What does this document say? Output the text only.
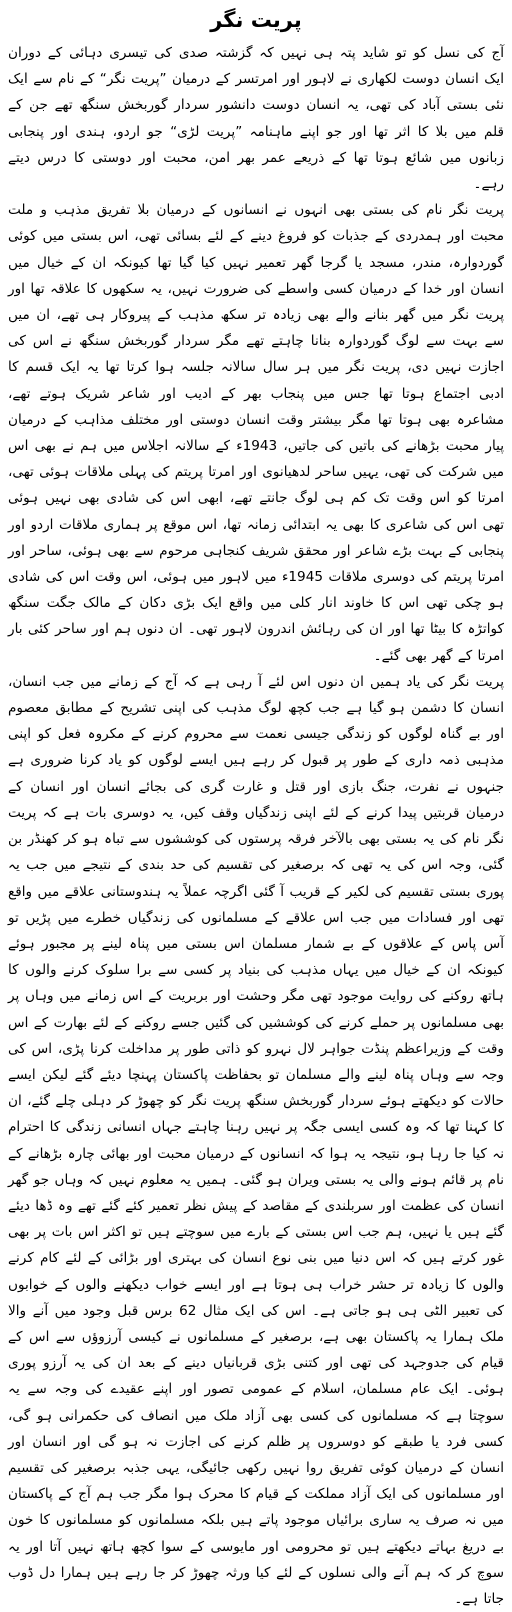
پریت نگر

آج کی نسل کو تو شاید پتہ ہی نہیں کہ گزشتہ صدی کی تیسری دہائی کے دوران ایک انسان دوست لکھاری نے لاہور اور امرتسر کے درمیان ”پریت نگر“ کے نام سے ایک نئی بستی آباد کی تھی، یہ انسان دوست دانشور سردار گوربخش سنگھ تھے جن کے قلم میں بلا کا اثر تھا اور جو اپنے ماہنامہ ”پریت لڑی“ جو اردو، ہندی اور پنجابی زبانوں میں شائع ہوتا تھا کے ذریعے عمر بھر امن، محبت اور دوستی کا درس دیتے رہے۔

پریت نگر نام کی بستی بھی انہوں نے انسانوں کے درمیان بلا تفریق مذہب و ملت محبت اور ہمدردی کے جذبات کو فروغ دینے کے لئے بسائی تھی، اس بستی میں کوئی گوردوارہ، مندر، مسجد یا گرجا گھر تعمیر نہیں کیا گیا تھا کیونکہ ان کے خیال میں انسان اور خدا کے درمیان کسی واسطے کی ضرورت نہیں، یہ سکھوں کا علاقہ تھا اور پریت نگر میں گھر بنانے والے بھی زیادہ تر سکھ مذہب کے پیروکار ہی تھے، ان میں سے بہت سے لوگ گوردوارہ بنانا چاہتے تھے مگر سردار گوربخش سنگھ نے اس کی اجازت نہیں دی، پریت نگر میں ہر سال سالانہ جلسہ ہوا کرتا تھا یہ ایک قسم کا ادبی اجتماع ہوتا تھا جس میں پنجاب بھر کے ادیب اور شاعر شریک ہوتے تھے، مشاعرہ بھی ہوتا تھا مگر بیشتر وقت انسان دوستی اور مختلف مذاہب کے درمیان پیار محبت بڑھانے کی باتیں کی جاتیں، 1943ء کے سالانہ اجلاس میں ہم نے بھی اس میں شرکت کی تھی، یہیں ساحر لدھیانوی اور امرتا پریتم کی پہلی ملاقات ہوئی تھی، امرتا کو اس وقت تک کم ہی لوگ جانتے تھے، ابھی اس کی شادی بھی نہیں ہوئی تھی اس کی شاعری کا بھی یہ ابتدائی زمانہ تھا، اس موقع پر ہماری ملاقات اردو اور پنجابی کے بہت بڑے شاعر اور محقق شریف کنجاہی مرحوم سے بھی ہوئی، ساحر اور امرتا پریتم کی دوسری ملاقات 1945ء میں لاہور میں ہوئی، اس وقت اس کی شادی ہو چکی تھی اس کا خاوند انار کلی میں واقع ایک بڑی دکان کے مالک جگت سنگھ کواتڑہ کا بیٹا تھا اور ان کی رہائش اندرون لاہور تھی۔ ان دنوں ہم اور ساحر کئی بار امرتا کے گھر بھی گئے۔

پریت نگر کی یاد ہمیں ان دنوں اس لئے آ رہی ہے کہ آج کے زمانے میں جب انسان، انسان کا دشمن ہو گیا ہے جب کچھ لوگ مذہب کی اپنی تشریح کے مطابق معصوم اور بے گناہ لوگوں کو زندگی جیسی نعمت سے محروم کرنے کے مکروہ فعل کو اپنی مذہبی ذمہ داری کے طور پر قبول کر رہے ہیں ایسے لوگوں کو یاد کرنا ضروری ہے جنہوں نے نفرت، جنگ بازی اور قتل و غارت گری کی بجائے انسان اور انسان کے درمیان قربتیں پیدا کرنے کے لئے اپنی زندگیاں وقف کیں، یہ دوسری بات ہے کہ پریت نگر نام کی یہ بستی بھی بالآخر فرقہ پرستوں کی کوششوں سے تباہ ہو کر کھنڈر بن گئی، وجہ اس کی یہ تھی کہ برصغیر کی تقسیم کی حد بندی کے نتیجے میں جب یہ پوری بستی تقسیم کی لکیر کے قریب آ گئی اگرچہ عملاً یہ ہندوستانی علاقے میں واقع تھی اور فسادات میں جب اس علاقے کے مسلمانوں کی زندگیاں خطرے میں پڑیں تو آس پاس کے علاقوں کے بے شمار مسلمان اس بستی میں پناہ لینے پر مجبور ہوئے کیونکہ ان کے خیال میں یہاں مذہب کی بنیاد پر کسی سے برا سلوک کرنے والوں کا ہاتھ روکنے کی روایت موجود تھی مگر وحشت اور بربریت کے اس زمانے میں وہاں پر بھی مسلمانوں پر حملے کرنے کی کوششیں کی گئیں جسے روکنے کے لئے بھارت کے اس وقت کے وزیراعظم پنڈت جواہر لال نہرو کو ذاتی طور پر مداخلت کرنا پڑی، اس کی وجہ سے وہاں پناہ لینے والے مسلمان تو بحفاظت پاکستان پہنچا دیئے گئے لیکن ایسے حالات کو دیکھتے ہوئے سردار گوربخش سنگھ پریت نگر کو چھوڑ کر دہلی چلے گئے، ان کا کہنا تھا کہ وہ کسی ایسی جگہ پر نہیں رہنا چاہتے جہاں انسانی زندگی کا احترام نہ کیا جا رہا ہو، نتیجہ یہ ہوا کہ انسانوں کے درمیان محبت اور بھائی چارہ بڑھانے کے نام پر قائم ہونے والی یہ بستی ویران ہو گئی۔ ہمیں یہ معلوم نہیں کہ وہاں جو گھر انسان کی عظمت اور سربلندی کے مقاصد کے پیش نظر تعمیر کئے گئے تھے وہ ڈھا دیئے گئے ہیں یا نہیں، ہم جب اس بستی کے بارے میں سوچتے ہیں تو اکثر اس بات پر بھی غور کرتے ہیں کہ اس دنیا میں بنی نوع انسان کی بہتری اور بڑائی کے لئے کام کرنے والوں کا زیادہ تر حشر خراب ہی ہوتا ہے اور ایسے خواب دیکھنے والوں کے خوابوں کی تعبیر الٹی ہی ہو جاتی ہے۔ اس کی ایک مثال 62 برس قبل وجود میں آنے والا ملک ہمارا یہ پاکستان بھی ہے، برصغیر کے مسلمانوں نے کیسی آرزوؤں سے اس کے قیام کی جدوجہد کی تھی اور کتنی بڑی قربانیاں دینے کے بعد ان کی یہ آرزو پوری ہوئی۔ ایک عام مسلمان، اسلام کے عمومی تصور اور اپنے عقیدے کی وجہ سے یہ سوچتا ہے کہ مسلمانوں کی کسی بھی آزاد ملک میں انصاف کی حکمرانی ہو گی، کسی فرد یا طبقے کو دوسروں پر ظلم کرنے کی اجازت نہ ہو گی اور انسان اور انسان کے درمیان کوئی تفریق روا نہیں رکھی جائیگی، یہی جذبہ برصغیر کی تقسیم اور مسلمانوں کی ایک آزاد مملکت کے قیام کا محرک ہوا مگر جب ہم آج کے پاکستان میں نہ صرف یہ ساری برائیاں موجود پاتے ہیں بلکہ مسلمانوں کو مسلمانوں کا خون بے دریغ بہاتے دیکھتے ہیں تو محرومی اور مایوسی کے سوا کچھ ہاتھ نہیں آتا اور یہ سوچ کر کہ ہم آنے والی نسلوں کے لئے کیا ورثہ چھوڑ کر جا رہے ہیں ہمارا دل ڈوب جاتا ہے۔
